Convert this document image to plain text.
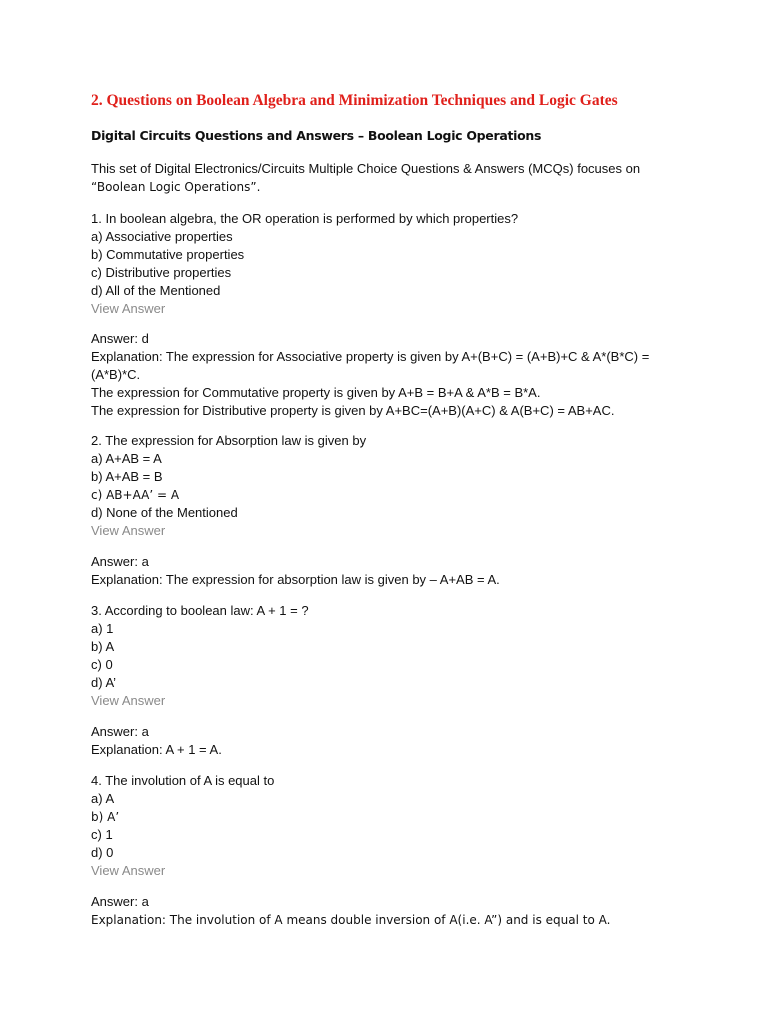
2. Questions on Boolean Algebra and Minimization Techniques and Logic Gates
Digital Circuits Questions and Answers – Boolean Logic Operations
This set of Digital Electronics/Circuits Multiple Choice Questions & Answers (MCQs) focuses on
“Boolean Logic Operations”.
1. In boolean algebra, the OR operation is performed by which properties?
a) Associative properties
b) Commutative properties
c) Distributive properties
d) All of the Mentioned
View Answer
Answer: d
Explanation: The expression for Associative property is given by A+(B+C) = (A+B)+C & A*(B*C) = (A*B)*C.
The expression for Commutative property is given by A+B = B+A & A*B = B*A.
The expression for Distributive property is given by A+BC=(A+B)(A+C) & A(B+C) = AB+AC.
2. The expression for Absorption law is given by
a) A+AB = A
b) A+AB = B
c) AB+AA’ = A
d) None of the Mentioned
View Answer
Answer: a
Explanation: The expression for absorption law is given by – A+AB = A.
3. According to boolean law: A + 1 = ?
a) 1
b) A
c) 0
d) A’
View Answer
Answer: a
Explanation: A + 1 = A.
4. The involution of A is equal to
a) A
b) A’
c) 1
d) 0
View Answer
Answer: a
Explanation: The involution of A means double inversion of A(i.e. A”) and is equal to A.
